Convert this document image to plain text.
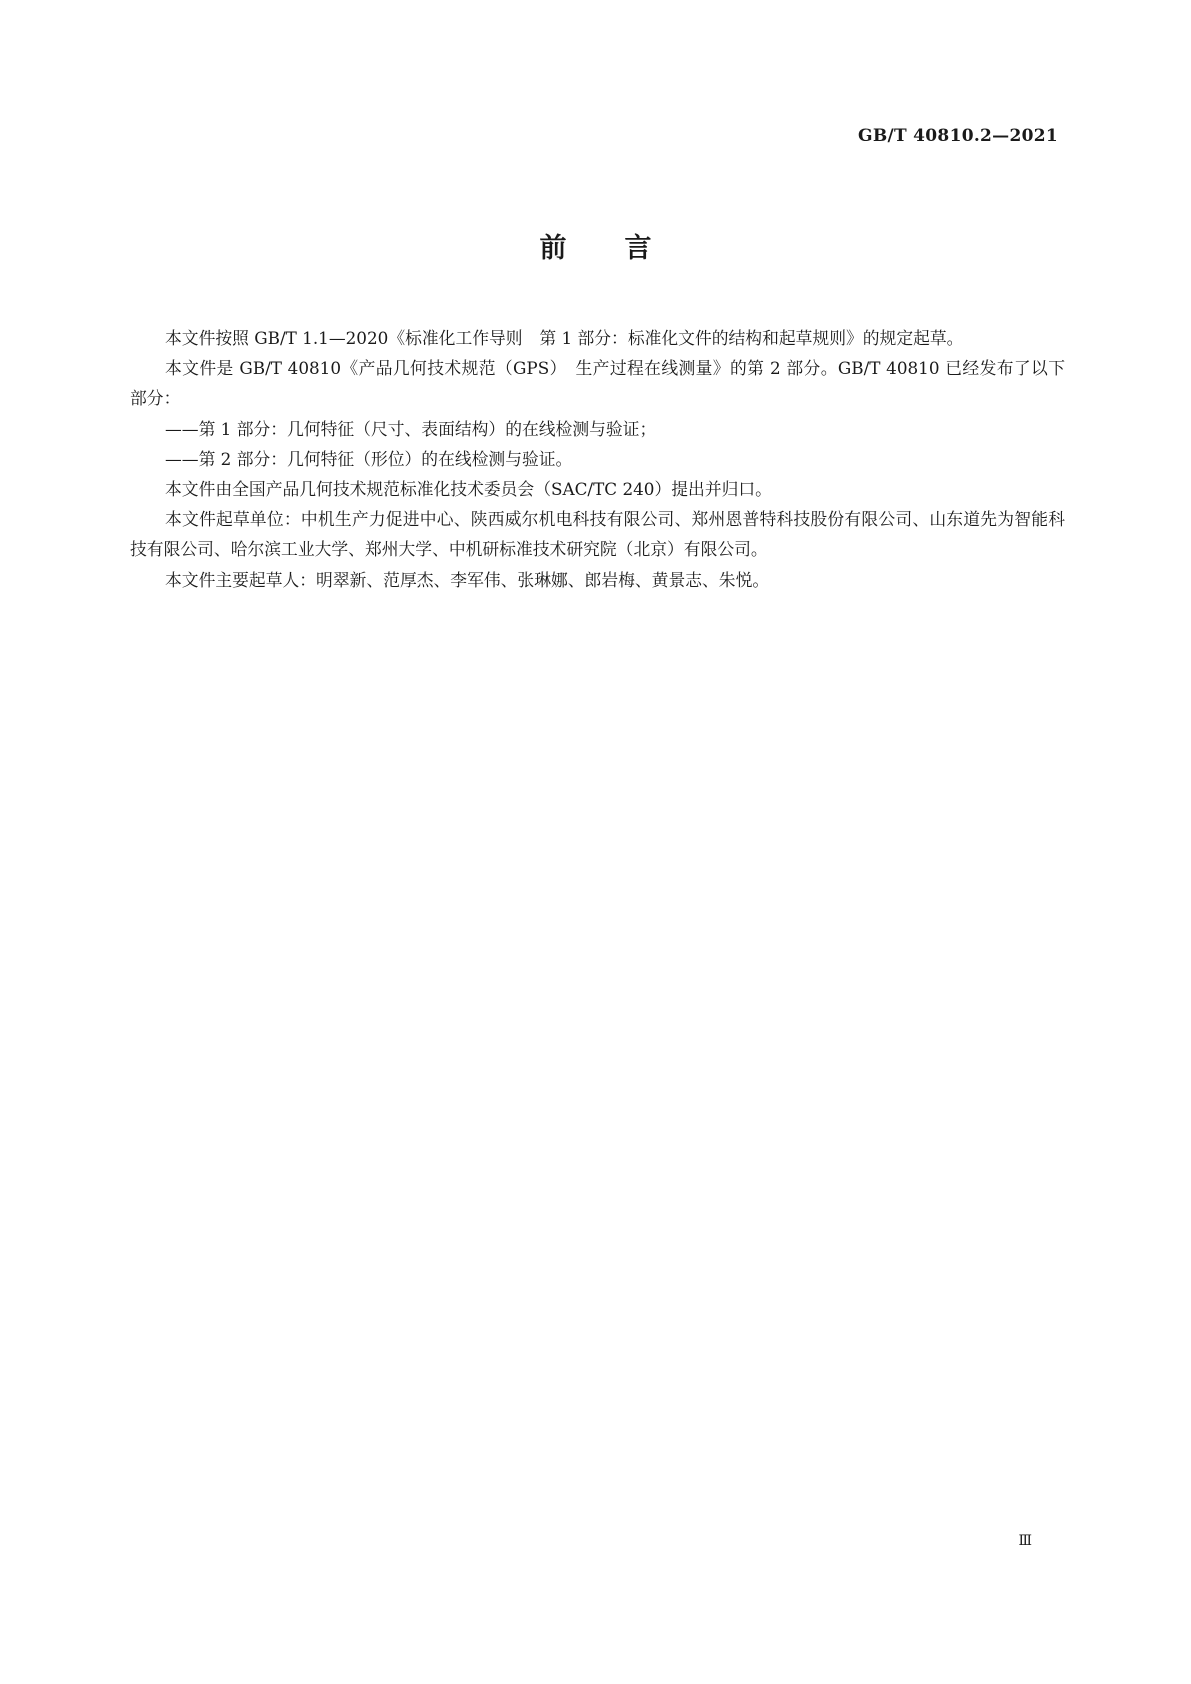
GB/T 40810.2—2021
前 言

本文件按照 GB/T 1.1—2020《标准化工作导则　第 1 部分：标准化文件的结构和起草规则》的规定起草。

本文件是 GB/T 40810《产品几何技术规范（GPS）　生产过程在线测量》的第 2 部分。GB/T 40810 已经发布了以下部分：

——第 1 部分：几何特征（尺寸、表面结构）的在线检测与验证；

——第 2 部分：几何特征（形位）的在线检测与验证。

本文件由全国产品几何技术规范标准化技术委员会（SAC/TC 240）提出并归口。

本文件起草单位：中机生产力促进中心、陕西威尔机电科技有限公司、郑州恩普特科技股份有限公司、山东道先为智能科技有限公司、哈尔滨工业大学、郑州大学、中机研标准技术研究院（北京）有限公司。

本文件主要起草人：明翠新、范厚杰、李军伟、张琳娜、郎岩梅、黄景志、朱悦。

Ⅲ
